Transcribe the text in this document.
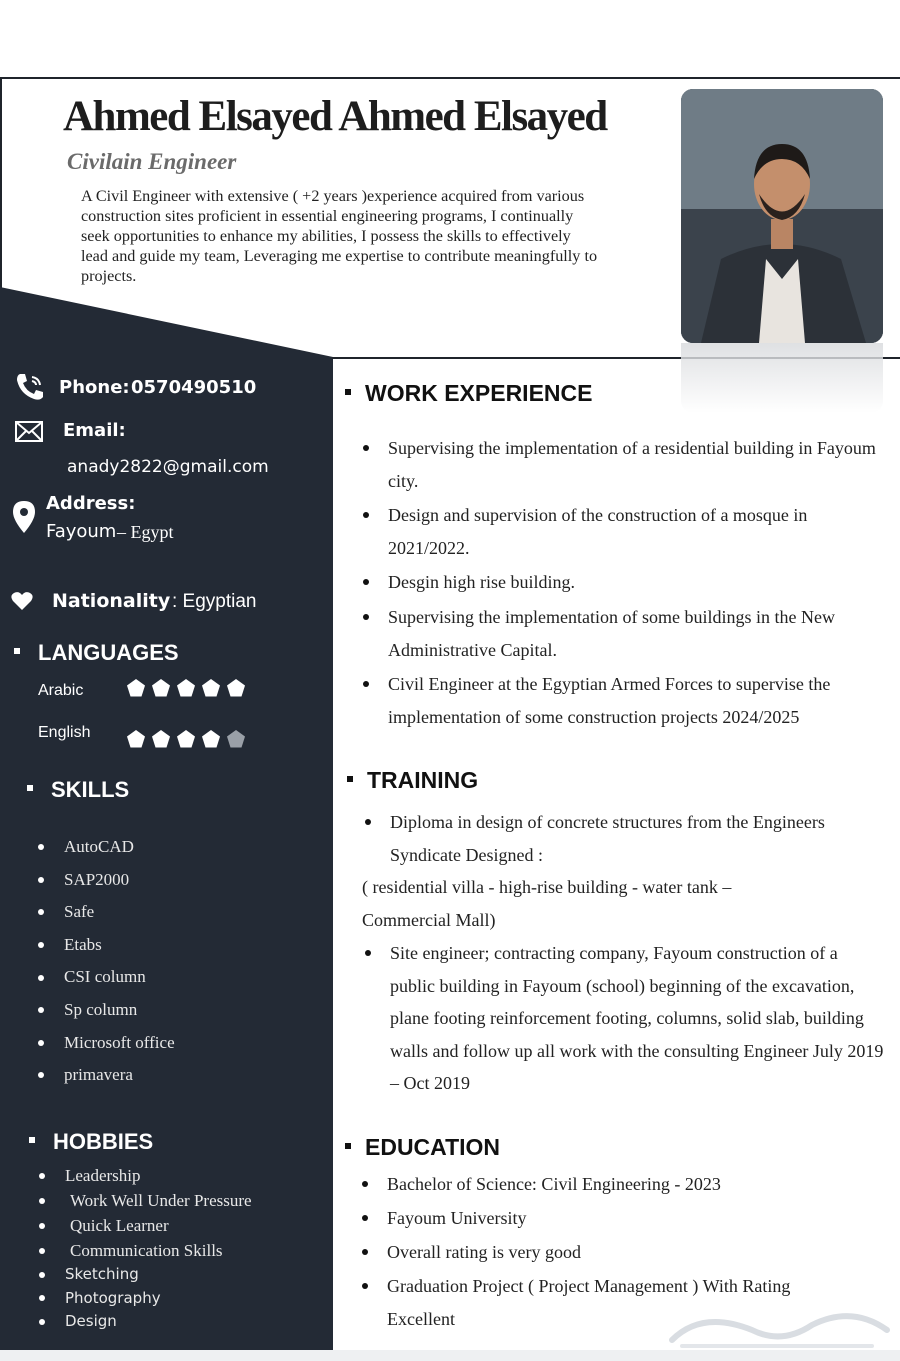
Ahmed Elsayed Ahmed Elsayed
Civilain Engineer
A Civil Engineer with extensive ( +2 years )experience acquired from various construction sites proficient in essential engineering programs, I continually seek opportunities to enhance my abilities, I possess the skills to effectively lead and guide my team, Leveraging me expertise to contribute meaningfully to projects.
Phone: 0570490510
Email:
anady2822@gmail.com
Address:
Fayoum – Egypt
Nationality : Egyptian
LANGUAGES
Arabic
English
SKILLS
AutoCAD
SAP2000
Safe
Etabs
CSI column
Sp column
Microsoft office
primavera
HOBBIES
Leadership
Work Well Under Pressure
Quick Learner
Communication Skills
Sketching
Photography
Design
WORK EXPERIENCE
Supervising the implementation of a residential building in Fayoum city.
Design and supervision of the construction of a mosque in 2021/2022.
Desgin high rise building.
Supervising the implementation of some buildings in the New Administrative Capital.
Civil Engineer at the Egyptian Armed Forces to supervise the implementation of some construction projects 2024/2025
TRAINING
Diploma in design of concrete structures from the Engineers Syndicate Designed :
( residential villa - high-rise building - water tank – Commercial Mall)
Site engineer; contracting company, Fayoum construction of a public building in Fayoum (school) beginning of the excavation, plane footing reinforcement footing, columns, solid slab, building walls and follow up all work with the consulting Engineer July 2019 – Oct 2019
EDUCATION
Bachelor of Science: Civil Engineering - 2023
Fayoum University
Overall rating is very good
Graduation Project ( Project Management ) With Rating Excellent
